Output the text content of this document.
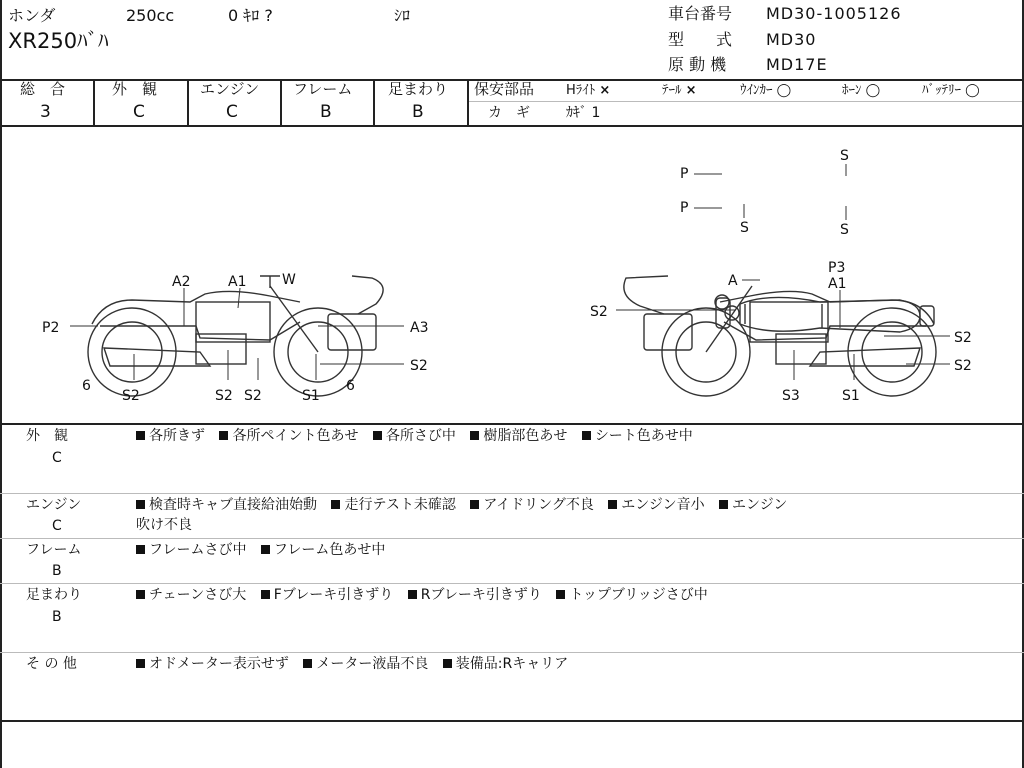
ホンダ	250cc	0 ｷﾛ ?	ｼﾛ
XR250ﾊﾞﾊ
車台番号 MD30-1005126
型　　式 MD30
原 動 機 MD17E
総　合
3
外　観
C
エンジン
C
フレーム
B
足まわり
B
保安部品 Hﾗｲﾄ ×	ﾃｰﾙ ×	ｳｲﾝｶｰ ◯	ﾎｰﾝ ◯	ﾊﾞｯﾃﾘｰ ◯
カ　ギ	ｶｷﾞ 1
P
P
S
S
S
A2	A1	W
P2	A3
S2
6
S2	S2 S2	S1
6
A
P3
A1
S2
S2
S2
S3	S1
外　観
C
各所きず 各所ペイント色あせ 各所さび中 樹脂部色あせ シート色あせ中
エンジン
C
検査時キャブ直接給油始動 走行テスト未確認 アイドリング不良 エンジン音小 エンジン
吹け不良
フレーム
B
フレームさび中 フレーム色あせ中
足まわり
B
チェーンさび大 Fブレーキ引きずり Rブレーキ引きずり トップブリッジさび中
そ の 他	オドメーター表示せず メーター液晶不良 装備品:Rキャリア
